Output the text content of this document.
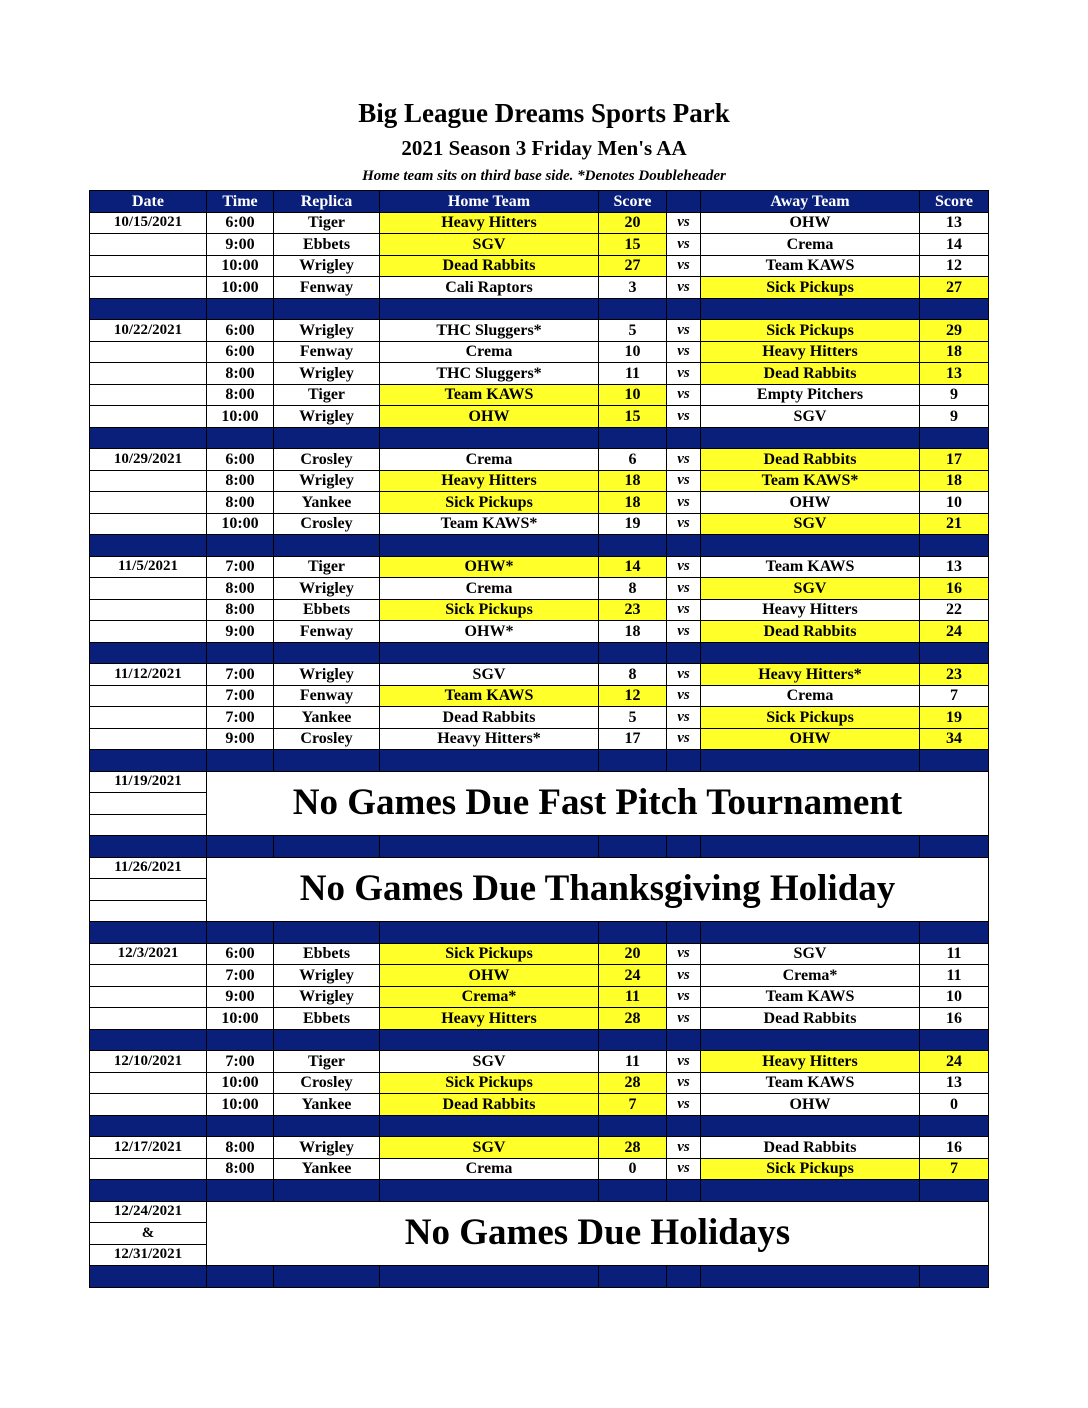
Big League Dreams Sports Park
2021 Season 3 Friday Men's AA
Home team sits on third base side. *Denotes Doubleheader
Date	Time	Replica	Home Team	Score		Away Team	Score
10/15/2021	6:00	Tiger	Heavy Hitters	20	vs	OHW	13
	9:00	Ebbets	SGV	15	vs	Crema	14
	10:00	Wrigley	Dead Rabbits	27	vs	Team KAWS	12
	10:00	Fenway	Cali Raptors	3	vs	Sick Pickups	27

10/22/2021	6:00	Wrigley	THC Sluggers*	5	vs	Sick Pickups	29
	6:00	Fenway	Crema	10	vs	Heavy Hitters	18
	8:00	Wrigley	THC Sluggers*	11	vs	Dead Rabbits	13
	8:00	Tiger	Team KAWS	10	vs	Empty Pitchers	9
	10:00	Wrigley	OHW	15	vs	SGV	9

10/29/2021	6:00	Crosley	Crema	6	vs	Dead Rabbits	17
	8:00	Wrigley	Heavy Hitters	18	vs	Team KAWS*	18
	8:00	Yankee	Sick Pickups	18	vs	OHW	10
	10:00	Crosley	Team KAWS*	19	vs	SGV	21

11/5/2021	7:00	Tiger	OHW*	14	vs	Team KAWS	13
	8:00	Wrigley	Crema	8	vs	SGV	16
	8:00	Ebbets	Sick Pickups	23	vs	Heavy Hitters	22
	9:00	Fenway	OHW*	18	vs	Dead Rabbits	24

11/12/2021	7:00	Wrigley	SGV	8	vs	Heavy Hitters*	23
	7:00	Fenway	Team KAWS	12	vs	Crema	7
	7:00	Yankee	Dead Rabbits	5	vs	Sick Pickups	19
	9:00	Crosley	Heavy Hitters*	17	vs	OHW	34

11/19/2021	No Games Due Fast Pitch Tournament						

11/26/2021	No Games Due Thanksgiving Holiday						

12/3/2021	6:00	Ebbets	Sick Pickups	20	vs	SGV	11
	7:00	Wrigley	OHW	24	vs	Crema*	11
	9:00	Wrigley	Crema*	11	vs	Team KAWS	10
	10:00	Ebbets	Heavy Hitters	28	vs	Dead Rabbits	16

12/10/2021	7:00	Tiger	SGV	11	vs	Heavy Hitters	24
	10:00	Crosley	Sick Pickups	28	vs	Team KAWS	13
	10:00	Yankee	Dead Rabbits	7	vs	OHW	0

12/17/2021	8:00	Wrigley	SGV	28	vs	Dead Rabbits	16
	8:00	Yankee	Crema	0	vs	Sick Pickups	7

12/24/2021	No Games Due Holidays						
&							
12/31/2021							
